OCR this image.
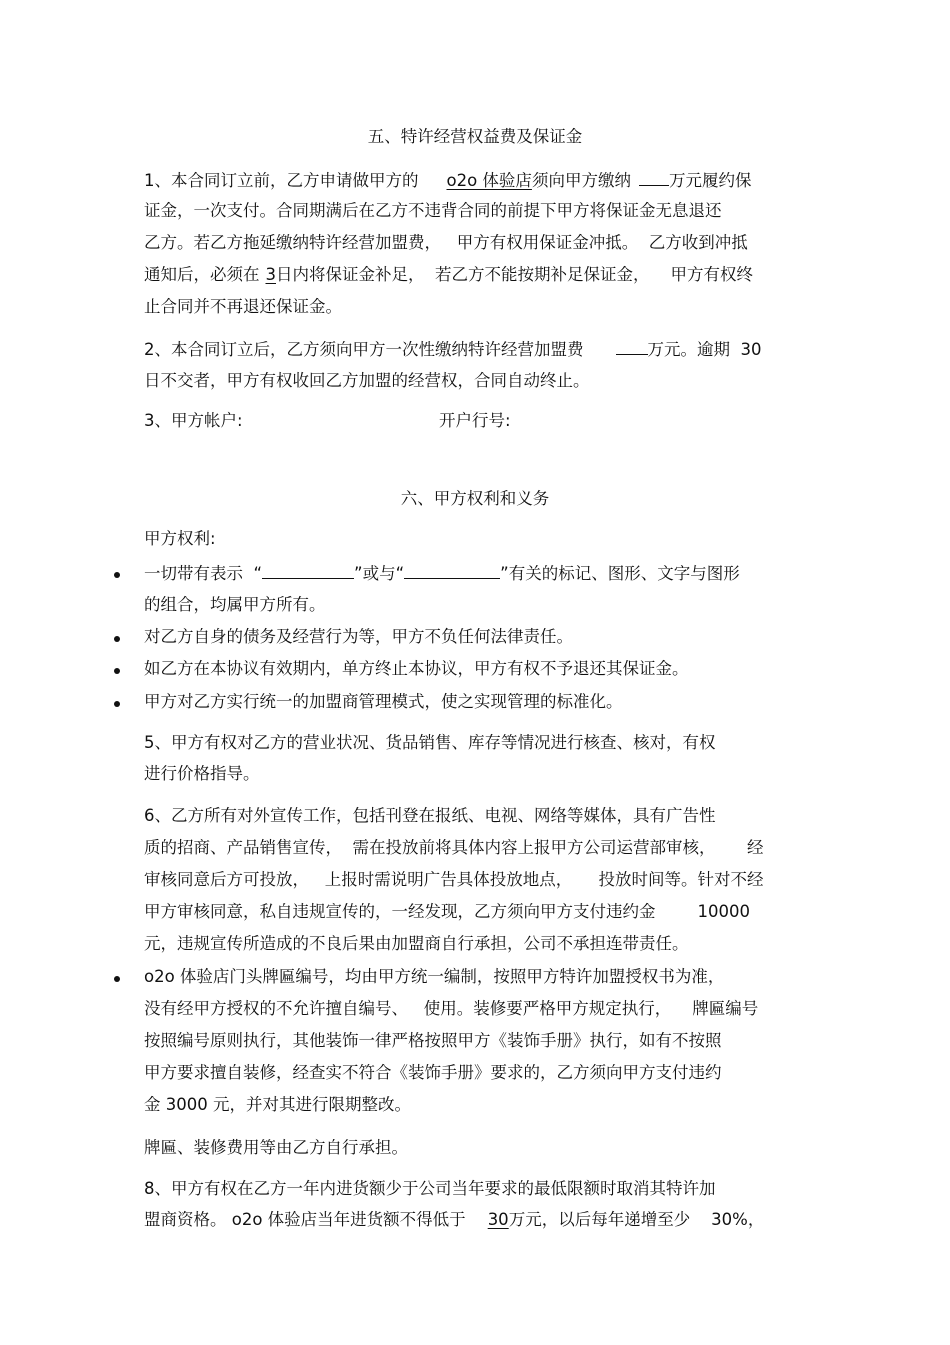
五、特许经营权益费及保证金
1、本合同订立前，乙方申请做甲方的 o2o 体验店须向甲方缴纳 万元履约保
证金，一次支付。合同期满后在乙方不违背合同的前提下甲方将保证金无息退还
乙方。若乙方拖延缴纳特许经营加盟费，   甲方有权用保证金冲抵。  乙方收到冲抵
通知后，必须在 3日内将保证金补足，  若乙方不能按期补足保证金，    甲方有权终
止合同并不再退还保证金。
2、本合同订立后，乙方须向甲方一次性缴纳特许经营加盟费	万元。逾期  30
日不交者，甲方有权收回乙方加盟的经营权，合同自动终止。
3、甲方帐户:	开户行号:
六、甲方权利和义务
甲方权利:
一切带有表示  “	”或与“	”有关的标记、图形、文字与图形
的组合，均属甲方所有。
对乙方自身的债务及经营行为等，甲方不负任何法律责任。
如乙方在本协议有效期内，单方终止本协议，甲方有权不予退还其保证金。
甲方对乙方实行统一的加盟商管理模式，使之实现管理的标准化。
5、甲方有权对乙方的营业状况、货品销售、库存等情况进行核查、核对，有权
进行价格指导。
6、乙方所有对外宣传工作，包括刊登在报纸、电视、网络等媒体，具有广告性
质的招商、产品销售宣传，  需在投放前将具体内容上报甲方公司运营部审核，      经
审核同意后方可投放，   上报时需说明广告具体投放地点，     投放时间等。针对不经
甲方审核同意，私自违规宣传的，一经发现，乙方须向甲方支付违约金        10000
元，违规宣传所造成的不良后果由加盟商自行承担，公司不承担连带责任。
o2o 体验店门头牌匾编号，均由甲方统一编制，按照甲方特许加盟授权书为准，
没有经甲方授权的不允许擅自编号、   使用。装修要严格甲方规定执行，    牌匾编号
按照编号原则执行，其他装饰一律严格按照甲方《装饰手册》执行，如有不按照
甲方要求擅自装修，经查实不符合《装饰手册》要求的，乙方须向甲方支付违约
金 3000 元，并对其进行限期整改。
牌匾、装修费用等由乙方自行承担。
8、甲方有权在乙方一年内进货额少于公司当年要求的最低限额时取消其特许加
盟商资格。 o2o 体验店当年进货额不得低于 30万元，以后每年递增至少    30%，
